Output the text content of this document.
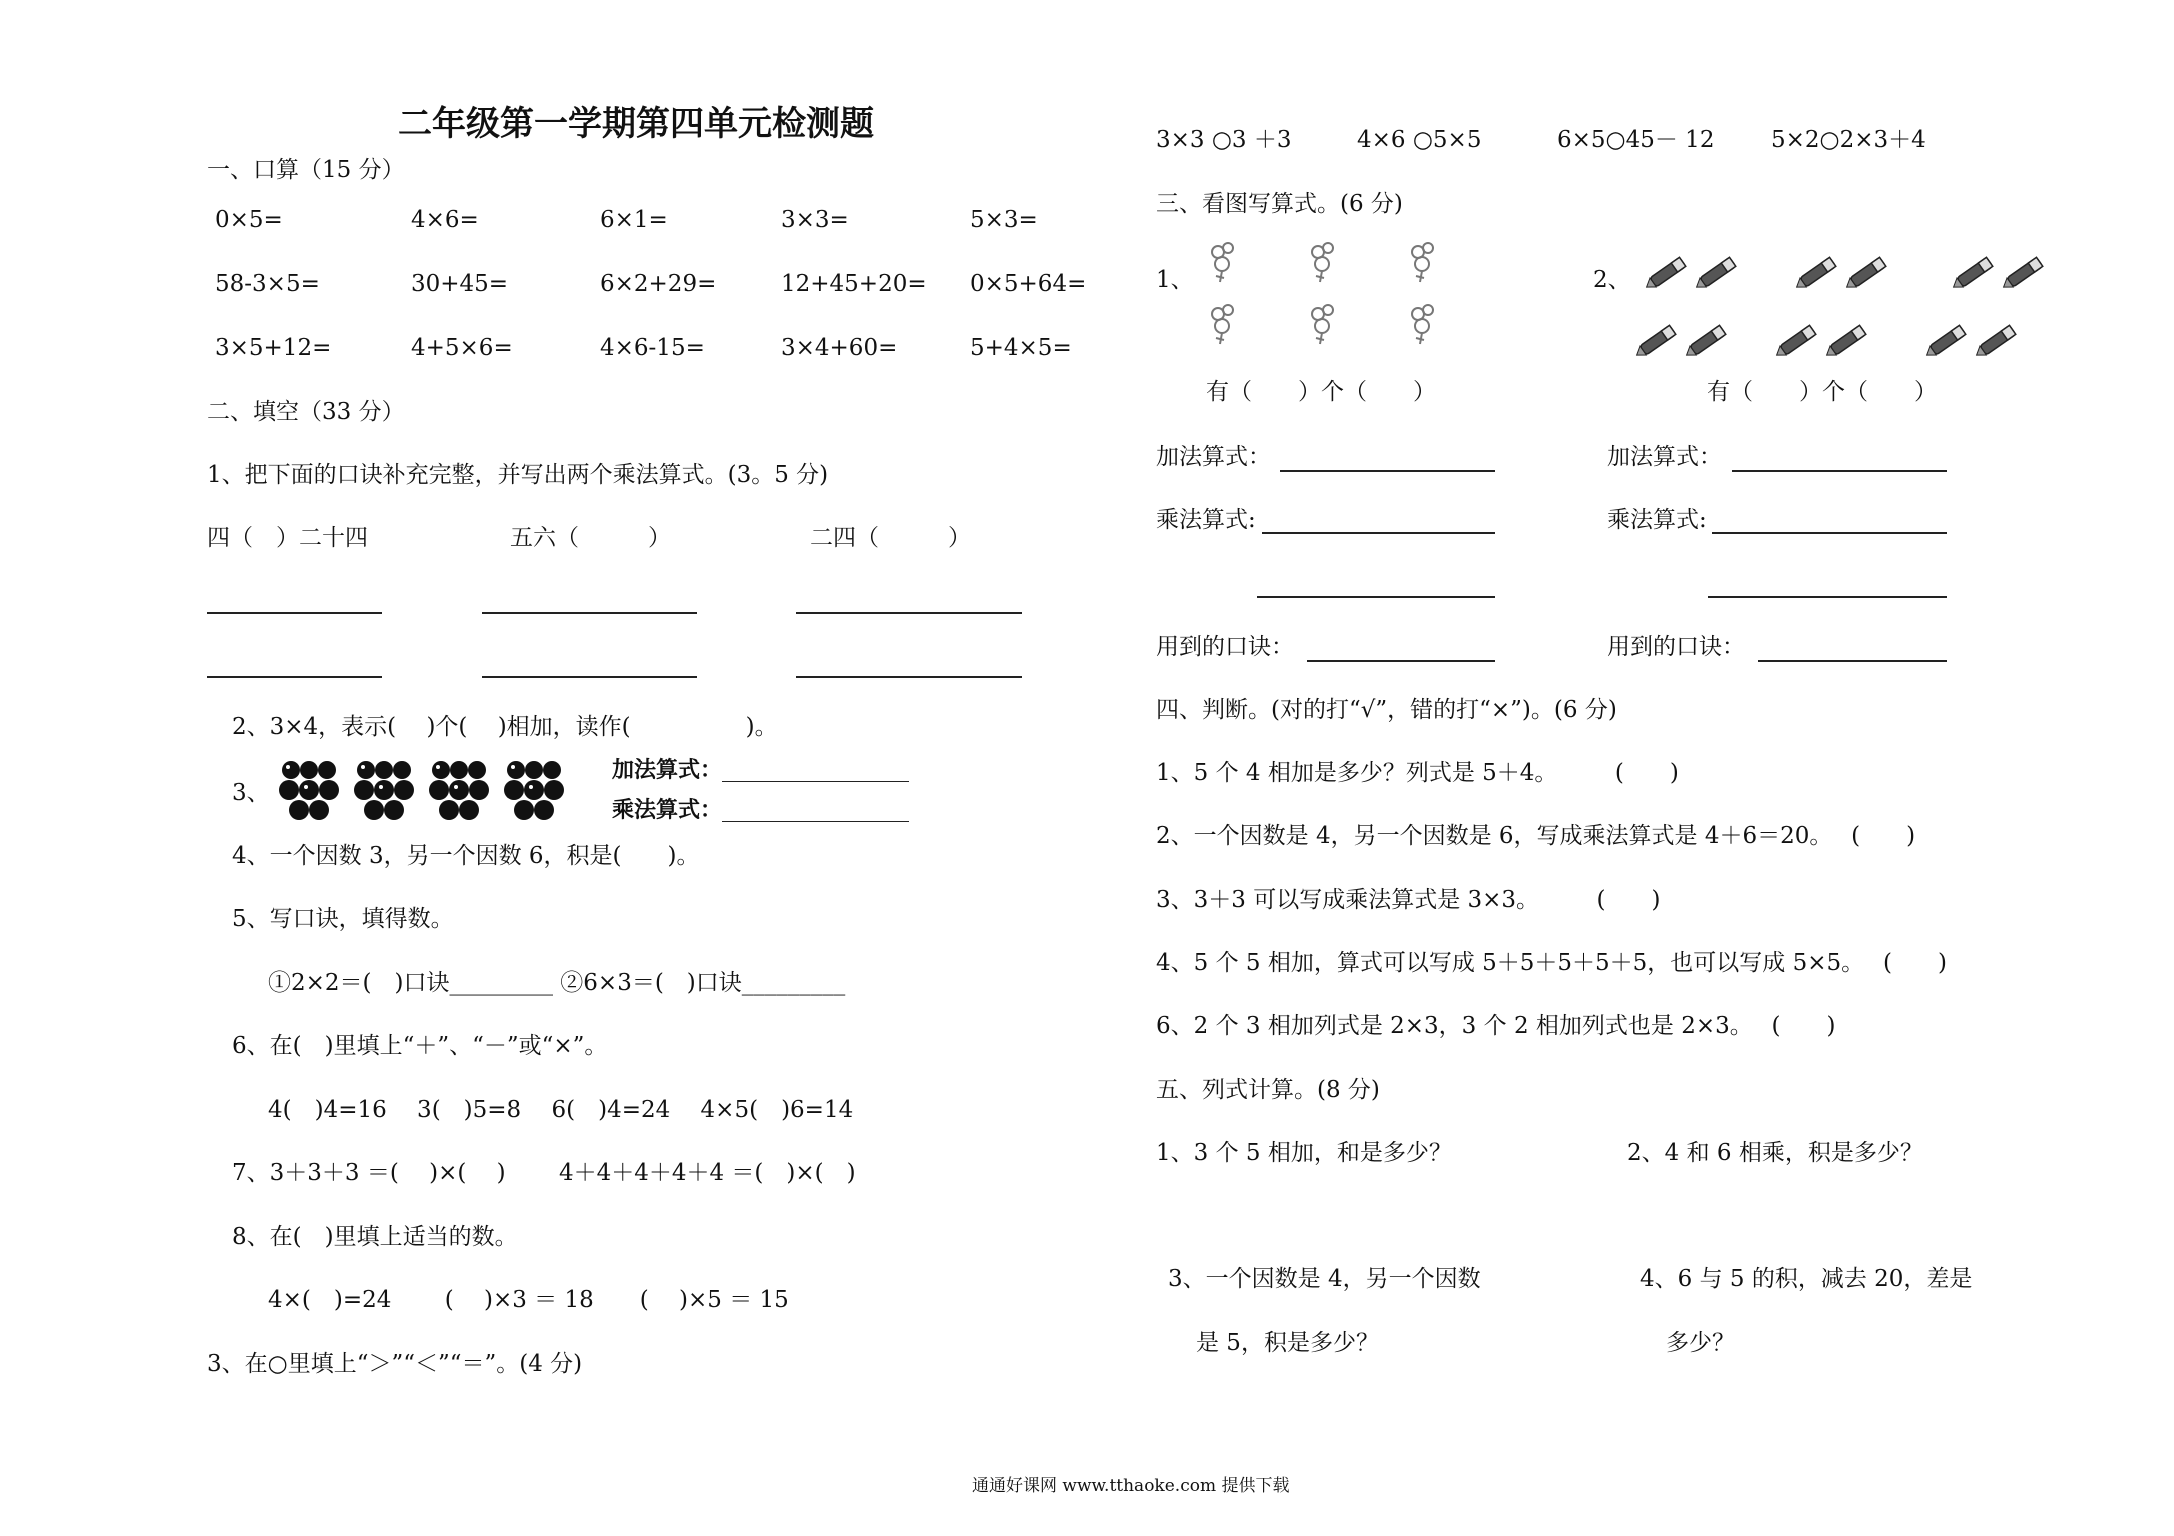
二年级第一学期第四单元检测题
一、口算（15 分）
0×5=	4×6=	6×1=	3×3=	5×3=
58-3×5=	30+45=	6×2+29=	12+45+20= 0×5+64=
3×5+12=	4+5×6=	4×6-15=	3×4+60=	5+4×5=
二、填空（33 分）
1、把下面的口诀补充完整，并写出两个乘法算式。(3。5 分)
四（　）二十四	五六（　　　）	二四（　　　）
2、3×4，表示(　 )个(　 )相加，读作(　　　　　)。
3、
加法算式：
乘法算式：
4、一个因数 3，另一个因数 6，积是(　　)。
5、写口诀，填得数。
①2×2＝(　)口诀_________ ②6×3＝(　)口诀_________
6、在(　)里填上“＋”、“－”或“×”。
4(　)4=16　 3(　)5=8　 6(　)4=24　 4×5(　)6=14
7、3＋3＋3 ＝(　 )×(　 )　　 4＋4＋4＋4＋4 ＝(　)×(　)
8、在(　)里填上适当的数。
4×(　)=24　　 (　 )×3 ＝ 18　　(　 )×5 ＝ 15
3、在○里填上“＞”“＜”“＝”。(4 分)
3×3 ○3 ＋3	4×6 ○5×5	6×5○45－ 12 5×2○2×3＋4
三、看图写算式。(6 分)
1、	2、
有（　　）个（　　）	有（　　）个（　　）
加法算式：	加法算式：
乘法算式:	乘法算式:
用到的口诀：	用到的口诀：
四、判断。(对的打“√”，错的打“×”)。(6 分)
1、5 个 4 相加是多少？列式是 5＋4。　　　(　　)
2、一个因数是 4，另一个因数是 6，写成乘法算式是 4＋6＝20。　 (　　)
3、3＋3 可以写成乘法算式是 3×3。　　　(　　)
4、5 个 5 相加，算式可以写成 5＋5＋5＋5＋5，也可以写成 5×5。　 (　　)
6、2 个 3 相加列式是 2×3，3 个 2 相加列式也是 2×3。　 (　　)
五、列式计算。(8 分)
1、3 个 5 相加，和是多少？	2、4 和 6 相乘，积是多少？
3、一个因数是 4，另一个因数
是 5，积是多少？
4、6 与 5 的积，减去 20，差是
多少？
通通好课网 www.tthaoke.com 提供下载
